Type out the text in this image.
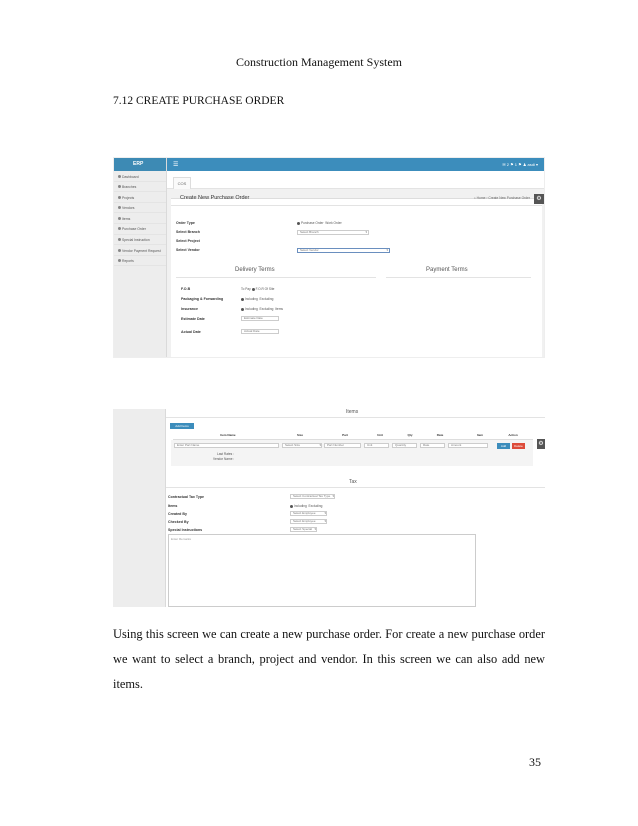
Construction Management System
7.12 CREATE PURCHASE ORDER
ERP
Dashboard
Branches
Projects
Vendors
Items
Purchase Order
Special Instruction
Vendor Payment Request
Reports
☰	✉ 2 ⚑ 1 ⚑ ♟ asdi ▾
COS
Create New Purchase Order	⌂ Home › Create New Purchase Order
Order Type	Purchase Order Work Order
Select Branch	Select Branch	▾
Select Project
Select Vendor	Select Vendor	▾
Delivery Terms	Payment Terms
F.O.B	To Pay F.O.R Of Site
Packaging & Forwarding	Including Excluding
Insurance	Including Excluding Items
Estimate Date	Estimate Date
Actual Date	Actual Date
⚙
Items
Add Items
Item Name	Size	Part	Unit	Qty	Rate	Item	Action
Enter Part Name	Select Size	▾	Part Number	Unit	Quantity	Rate	Amount	Add	Delete
Last Rates :
Vendor Name :
⚙
Tax
Contractual Tax Type	Select Contractual Tax Type ▾
Items	Including Excluding
Created By	Select Employee	▾
Checked By	Select Employee	▾
Special Instructions	Select Special ▾
Enter Remarks
Using this screen we can create a new purchase order. For create a new purchase order we want to select a branch, project and vendor. In this screen we can also add new items.
35
